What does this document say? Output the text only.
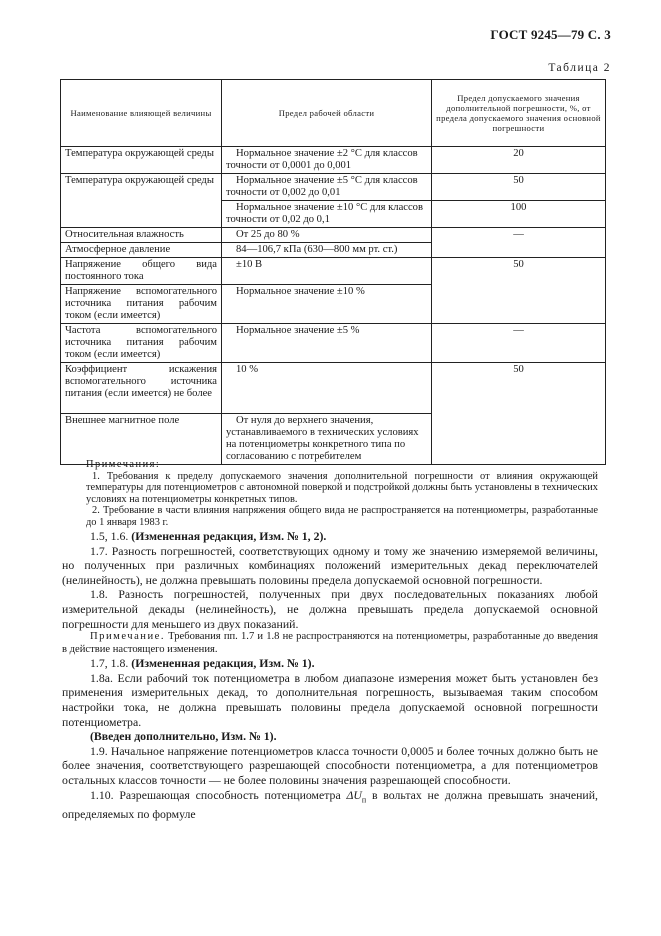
ГОСТ 9245—79 С. 3
Таблица 2
Наименование влияющей величины	Предел рабочей области	Предел допускаемого значения дополнительной погрешности, %, от предела допускаемого значения основной погрешности
Температура окружающей среды	Нормальное значение ±2 °С для классов точности от 0,0001 до 0,001	20
Температура окружающей среды	Нормальное значение ±5 °С для классов точности от 0,002 до 0,01	50
	Нормальное значение ±10 °С для классов точности от 0,02 до 0,1	100
Относительная влажность	От 25 до 80 %	—
Атмосферное давление	84—106,7 кПа (630—800 мм рт. ст.)	
Напряжение общего вида постоянного тока	±10 В	50
Напряжение вспомогательного источника питания рабочим током (если имеется)	Нормальное значение ±10 %	
Частота вспомогательного источника питания рабочим током (если имеется)	Нормальное значение ±5 %	—
Коэффициент искажения вспомогательного источника питания (если имеется) не более	10 %	50
Внешнее магнитное поле	От нуля до верхнего значения, устанавливаемого в технических условиях на потенциометры конкретного типа по согласованию с потребителем	

Примечания:

1. Требования к пределу допускаемого значения дополнительной погрешности от влияния окружающей температуры для потенциометров с автономной поверкой и подстройкой должны быть установлены в технических условиях на потенциометры конкретных типов.

2. Требование в части влияния напряжения общего вида не распространяется на потенциометры, разработанные до 1 января 1983 г.

1.5, 1.6. (Измененная редакция, Изм. № 1, 2).

1.7. Разность погрешностей, соответствующих одному и тому же значению измеряемой величины, но полученных при различных комбинациях положений измерительных декад переключателей (нелинейность), не должна превышать половины предела допускаемой основной погрешности.

1.8. Разность погрешностей, полученных при двух последовательных показаниях любой измерительной декады (нелинейность), не должна превышать предела допускаемой основной погрешности для меньшего из двух показаний.

Примечание. Требования пп. 1.7 и 1.8 не распространяются на потенциометры, разработанные до введения в действие настоящего изменения.

1.7, 1.8. (Измененная редакция, Изм. № 1).

1.8а. Если рабочий ток потенциометра в любом диапазоне измерения может быть установлен без применения измерительных декад, то дополнительная погрешность, вызываемая таким способом настройки тока, не должна превышать половины предела допускаемой основной погрешности потенциометра.

(Введен дополнительно, Изм. № 1).

1.9. Начальное напряжение потенциометров класса точности 0,0005 и более точных должно быть не более значения, соответствующего разрешающей способности потенциометра, а для потенциометров остальных классов точности — не более половины значения разрешающей способности.

1.10. Разрешающая способность потенциометра $\Delta U_п$ в вольтах не должна превышать значений, определяемых по формуле
